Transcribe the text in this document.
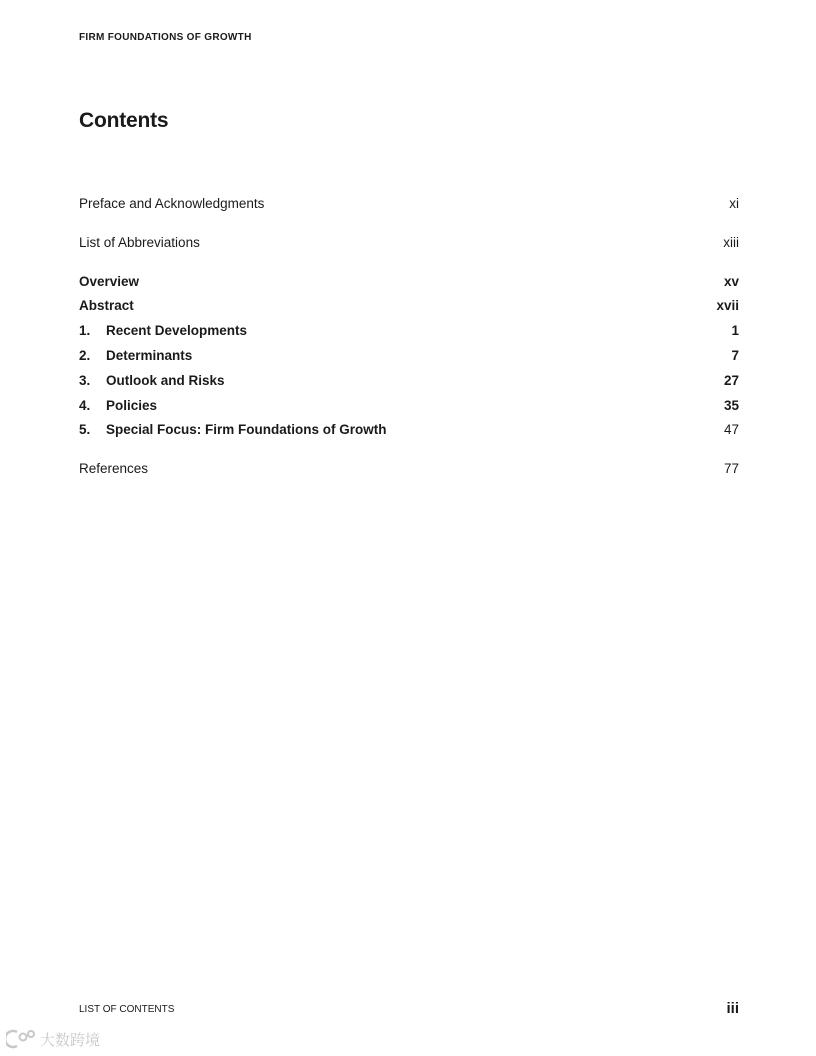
FIRM FOUNDATIONS OF GROWTH
Contents
Preface and Acknowledgments	xi
List of Abbreviations	xiii
Overview	xv
Abstract	xvii
1.	Recent Developments	1
2.	Determinants	7
3.	Outlook and Risks	27
4.	Policies	35
5.	Special Focus: Firm Foundations of Growth	47
References	77
LIST OF CONTENTS	iii
大数跨境
